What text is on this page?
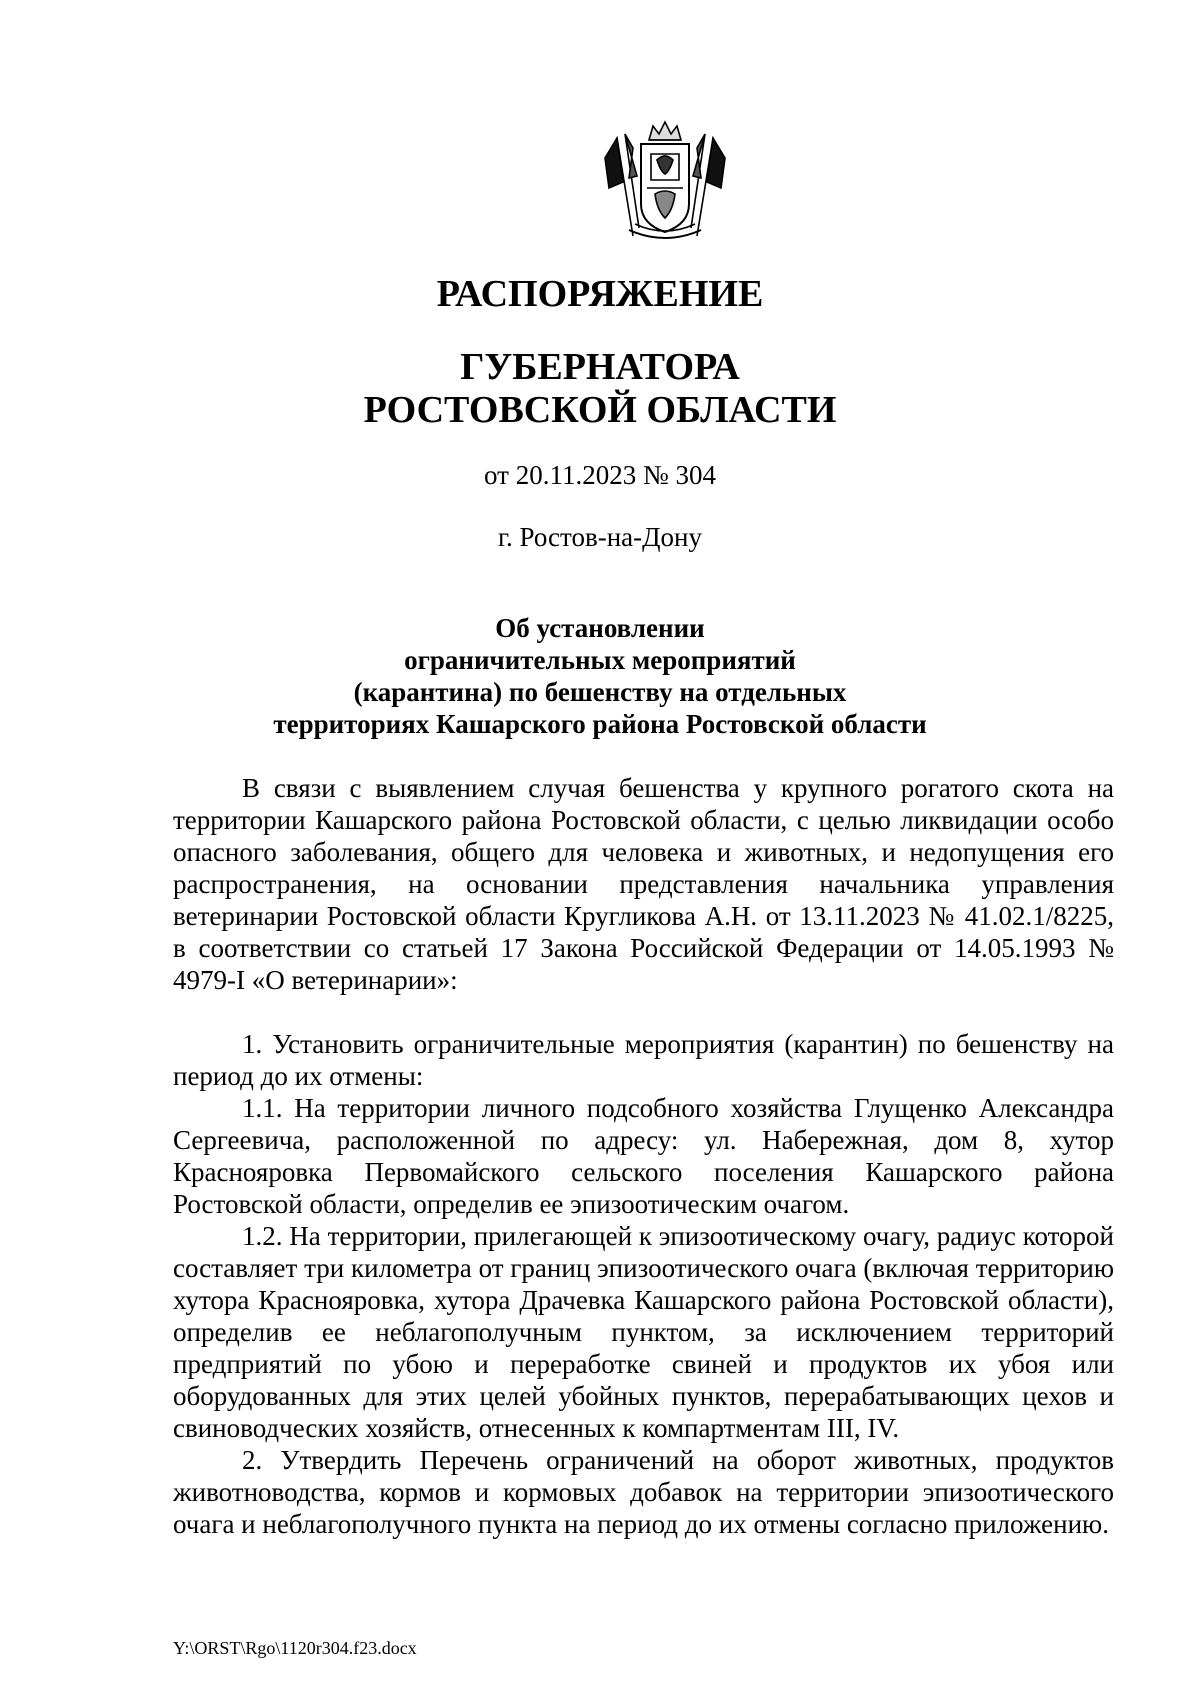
РАСПОРЯЖЕНИЕ
ГУБЕРНАТОРА
РОСТОВСКОЙ ОБЛАСТИ
от 20.11.2023 № 304
г. Ростов-на-Дону
Об установлении
ограничительных мероприятий
(карантина) по бешенству на отдельных
территориях Кашарского района Ростовской области

В связи с выявлением случая бешенства у крупного рогатого скота на территории Кашарского района Ростовской области, с целью ликвидации особо опасного заболевания, общего для человека и животных, и недопущения его распространения, на основании представления начальника управления ветеринарии Ростовской области Кругликова А.Н. от 13.11.2023 № 41.02.1/8225, в соответствии со статьей 17 Закона Российской Федерации от 14.05.1993 № 4979-I «О ветеринарии»:

1. Установить ограничительные мероприятия (карантин) по бешенству на период до их отмены:

1.1. На территории личного подсобного хозяйства Глущенко Александра Сергеевича, расположенной по адресу: ул. Набережная, дом 8, хутор Краснояровка Первомайского сельского поселения Кашарского района Ростовской области, определив ее эпизоотическим очагом.

1.2. На территории, прилегающей к эпизоотическому очагу, радиус которой составляет три километра от границ эпизоотического очага (включая территорию хутора Краснояровка, хутора Драчевка Кашарского района Ростовской области), определив ее неблагополучным пунктом, за исключением территорий предприятий по убою и переработке свиней и продуктов их убоя или оборудованных для этих целей убойных пунктов, перерабатывающих цехов и свиноводческих хозяйств, отнесенных к компартментам III, IV.

2. Утвердить Перечень ограничений на оборот животных, продуктов животноводства, кормов и кормовых добавок на территории эпизоотического очага и неблагополучного пункта на период до их отмены согласно приложению.

Y:\ORST\Rgo\1120r304.f23.docx
